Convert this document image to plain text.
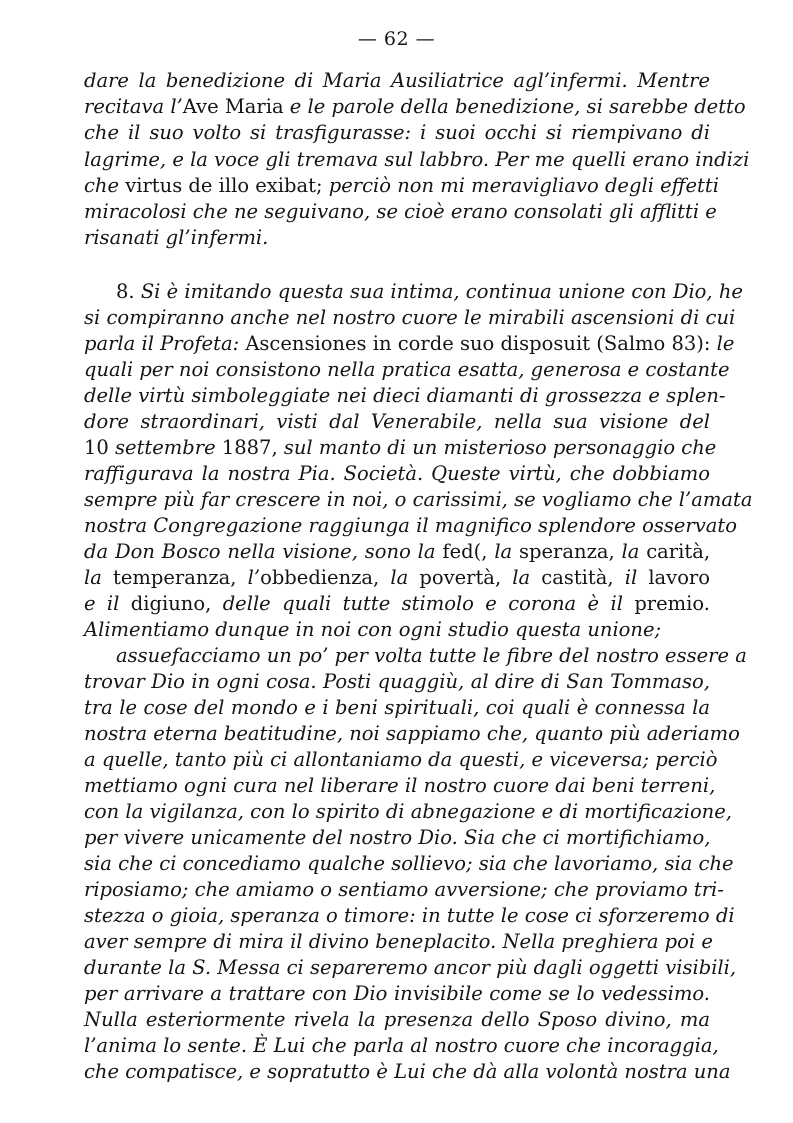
— 62 —
dare la benedizione di Maria Ausiliatrice agl’infermi. Mentre
recitava l’Ave Maria e le parole della benedizione, si sarebbe detto
che il suo volto si trasfigurasse: i suoi occhi si riempivano di
lagrime, e la voce gli tremava sul labbro. Per me quelli erano indizi
che virtus de illo exibat; perciò non mi meravigliavo degli effetti
miracolosi che ne seguivano, se cioè erano consolati gli afflitti e
risanati gl’infermi.
8. Si è imitando questa sua intima, continua unione con Dio, he
si compiranno anche nel nostro cuore le mirabili ascensioni di cui
parla il Profeta: Ascensiones in corde suo disposuit (Salmo 83): le
quali per noi consistono nella pratica esatta, generosa e costante
delle virtù simboleggiate nei dieci diamanti di grossezza e splen-
dore straordinari, visti dal Venerabile, nella sua visione del
10 settembre 1887, sul manto di un misterioso personaggio che
raffigurava la nostra Pia. Società. Queste virtù, che dobbiamo
sempre più far crescere in noi, o carissimi, se vogliamo che l’amata
nostra Congregazione raggiunga il magnifico splendore osservato
da Don Bosco nella visione, sono la fed(, la speranza, la carità,
la temperanza, l’obbedienza, la povertà, la castità, il lavoro
e il digiuno, delle quali tutte stimolo e corona è il premio.
Alimentiamo dunque in noi con ogni studio questa unione;
assuefacciamo un po’ per volta tutte le fibre del nostro essere a
trovar Dio in ogni cosa. Posti quaggiù, al dire di San Tommaso,
tra le cose del mondo e i beni spirituali, coi quali è connessa la
nostra eterna beatitudine, noi sappiamo che, quanto più aderiamo
a quelle, tanto più ci allontaniamo da questi, e viceversa; perciò
mettiamo ogni cura nel liberare il nostro cuore dai beni terreni,
con la vigilanza, con lo spirito di abnegazione e di mortificazione,
per vivere unicamente del nostro Dio. Sia che ci mortifichiamo,
sia che ci concediamo qualche sollievo; sia che lavoriamo, sia che
riposiamo; che amiamo o sentiamo avversione; che proviamo tri-
stezza o gioia, speranza o timore: in tutte le cose ci sforzeremo di
aver sempre di mira il divino beneplacito. Nella preghiera poi e
durante la S. Messa ci separeremo ancor più dagli oggetti visibili,
per arrivare a trattare con Dio invisibile come se lo vedessimo.
Nulla esteriormente rivela la presenza dello Sposo divino, ma
l’anima lo sente. È Lui che parla al nostro cuore che incoraggia,
che compatisce, e sopratutto è Lui che dà alla volontà nostra una
